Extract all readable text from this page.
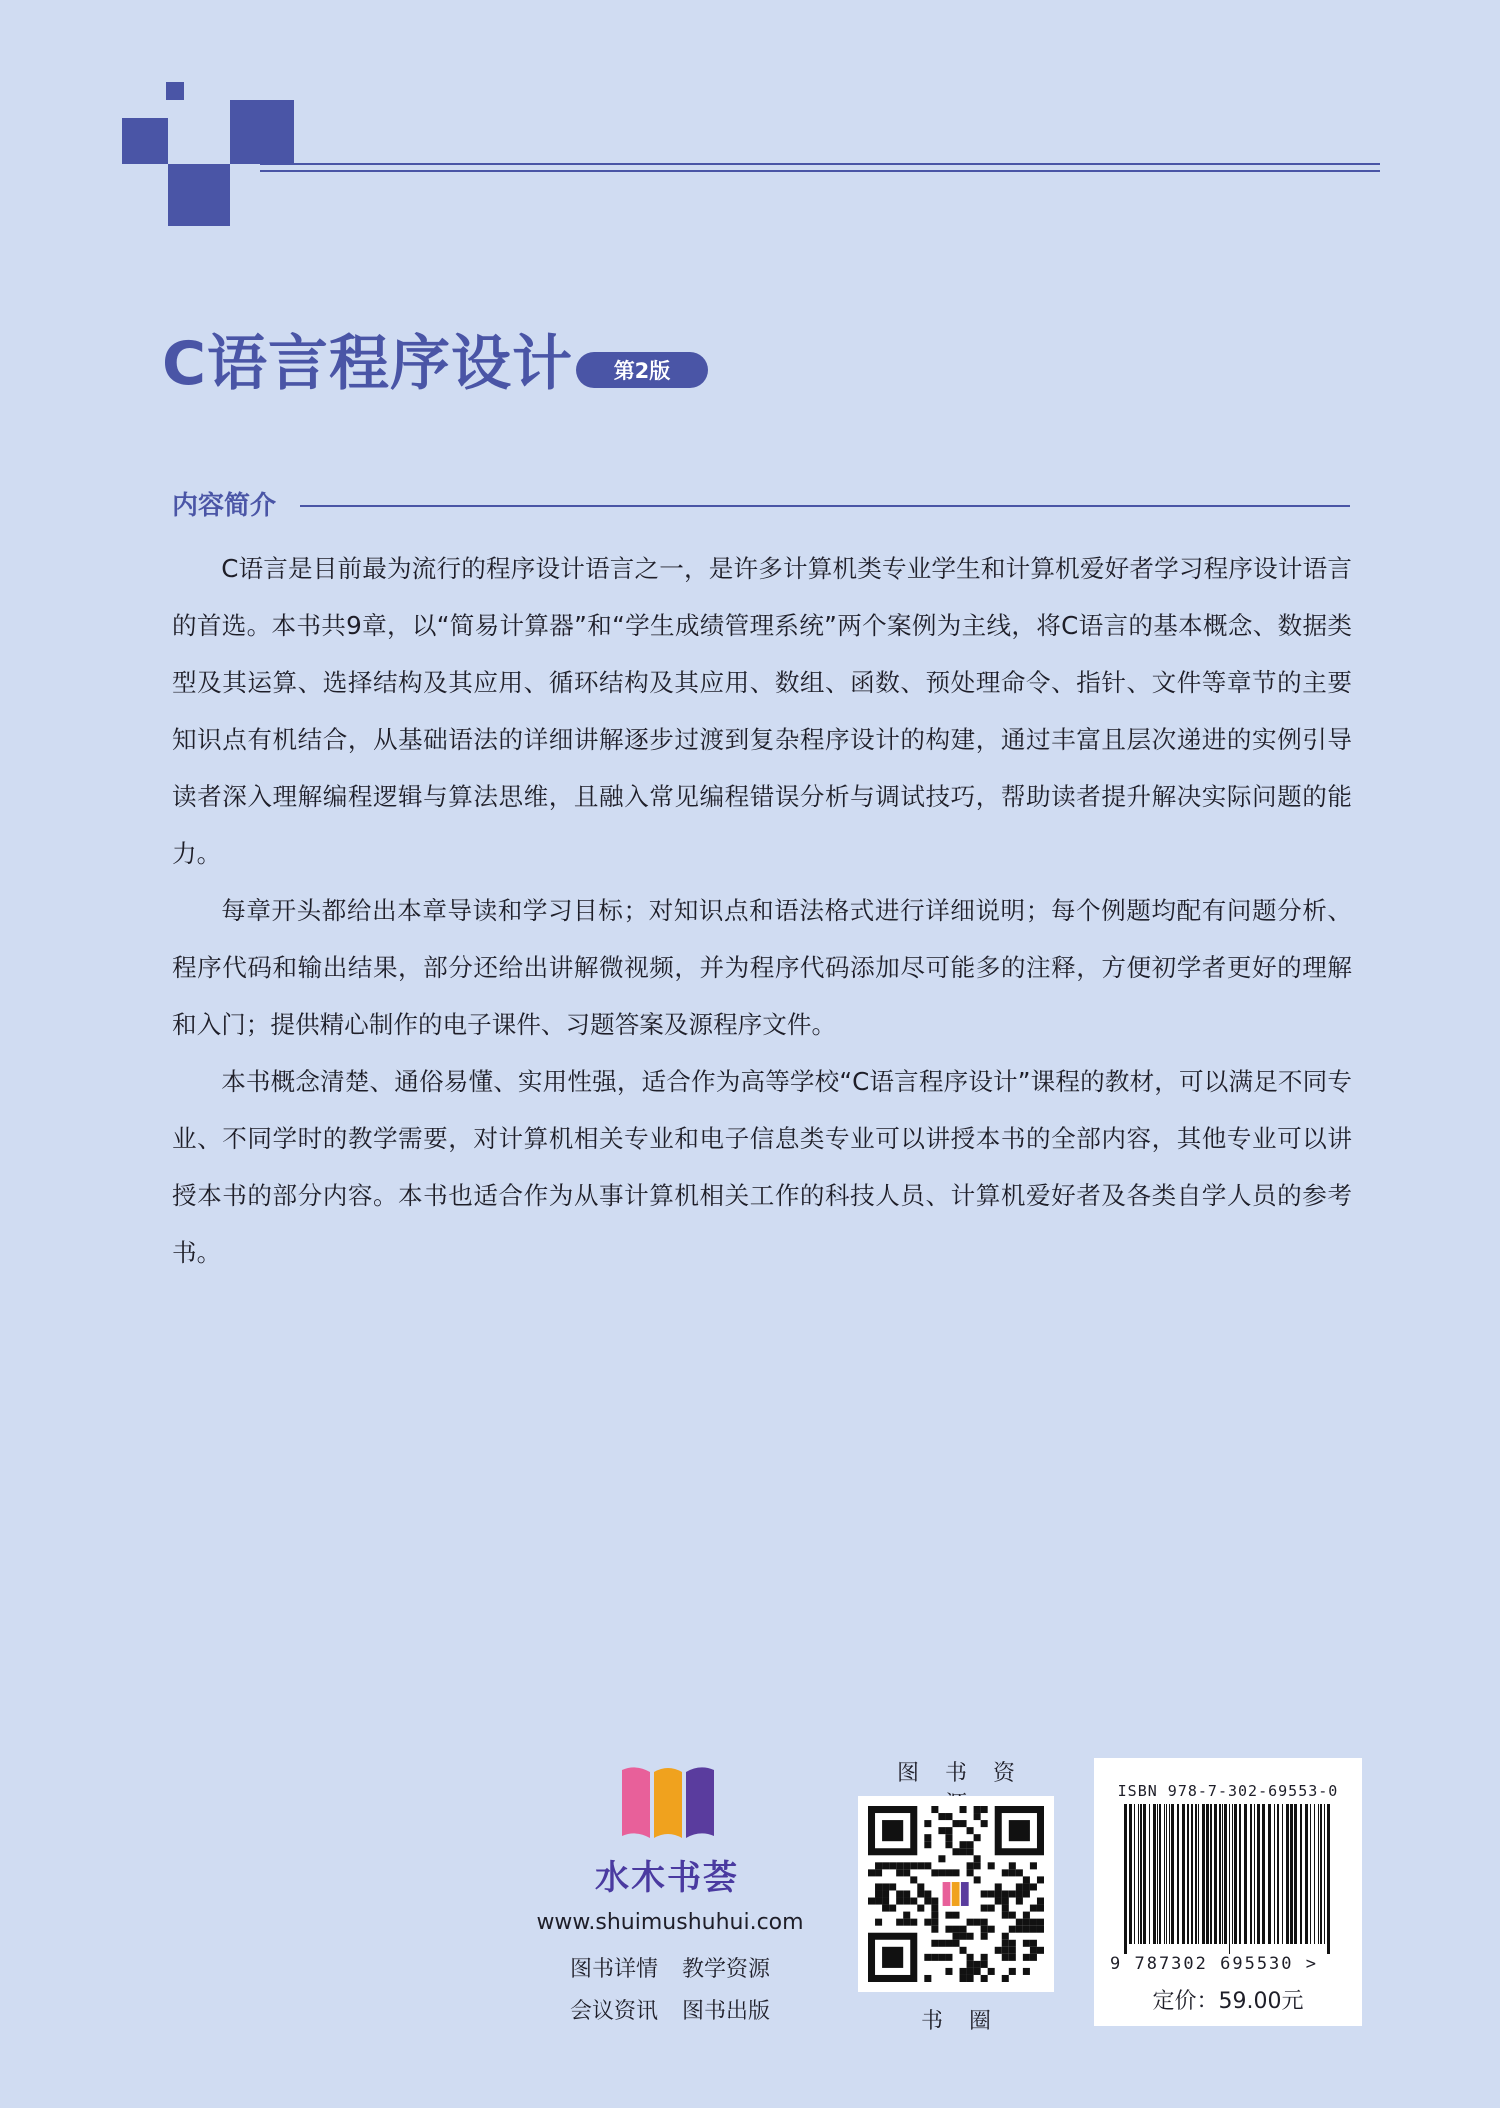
C语言程序设计	第2版
内容简介

C语言是目前最为流行的程序设计语言之一，是许多计算机类专业学生和计算机爱好者学习程序设计语言的首选。本书共9章，以“简易计算器”和“学生成绩管理系统”两个案例为主线，将C语言的基本概念、数据类型及其运算、选择结构及其应用、循环结构及其应用、数组、函数、预处理命令、指针、文件等章节的主要知识点有机结合，从基础语法的详细讲解逐步过渡到复杂程序设计的构建，通过丰富且层次递进的实例引导读者深入理解编程逻辑与算法思维，且融入常见编程错误分析与调试技巧，帮助读者提升解决实际问题的能力。

每章开头都给出本章导读和学习目标；对知识点和语法格式进行详细说明；每个例题均配有问题分析、程序代码和输出结果，部分还给出讲解微视频，并为程序代码添加尽可能多的注释，方便初学者更好的理解和入门；提供精心制作的电子课件、习题答案及源程序文件。

本书概念清楚、通俗易懂、实用性强，适合作为高等学校“C语言程序设计”课程的教材，可以满足不同专业、不同学时的教学需要，对计算机相关专业和电子信息类专业可以讲授本书的全部内容，其他专业可以讲授本书的部分内容。本书也适合作为从事计算机相关工作的科技人员、计算机爱好者及各类自学人员的参考书。

水木书荟
www.shuimushuhui.com
图书详情 教学资源
会议资讯 图书出版
图书资
书圈
ISBN 978-7-302-69553-0
9 787302 695530 >
定价：59.00元
